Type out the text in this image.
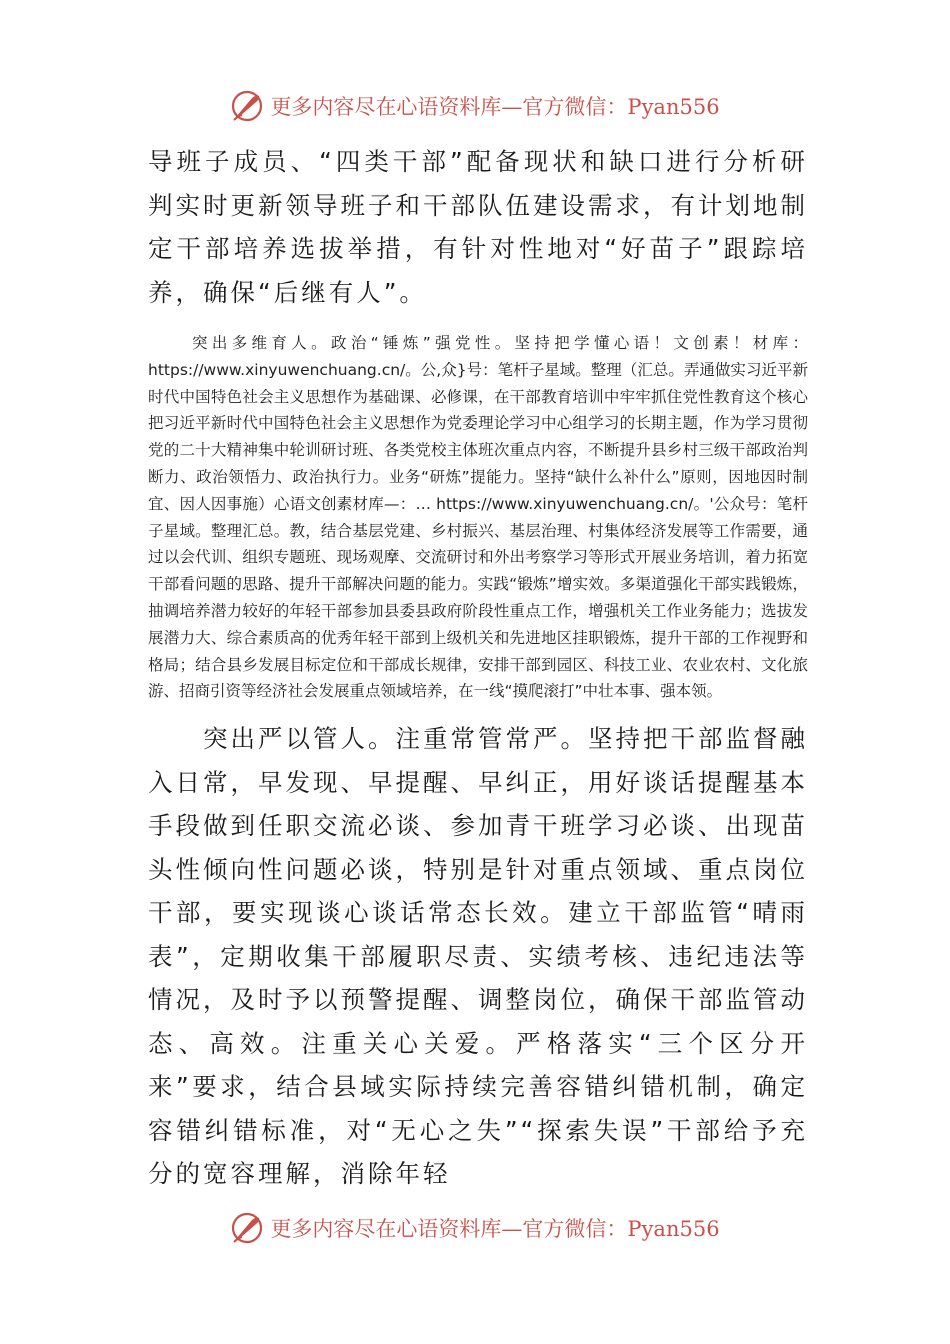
更多内容尽在心语资料库—官方微信：Pyan556

导班子成员、“四类干部”配备现状和缺口进行分析研判实时更新领导班子和干部队伍建设需求，有计划地制定干部培养选拔举措，有针对性地对“好苗子”跟踪培养，确保“后继有人”。

突出多维育人。政治“锤炼”强党性。坚持把学懂心语！文创素！材库：https://www.xinyuwenchuang.cn/。公,众}号：笔杆子星域。整理（汇总。弄通做实习近平新时代中国特色社会主义思想作为基础课、必修课，在干部教育培训中牢牢抓住党性教育这个核心把习近平新时代中国特色社会主义思想作为党委理论学习中心组学习的长期主题，作为学习贯彻党的二十大精神集中轮训研讨班、各类党校主体班次重点内容，不断提升县乡村三级干部政治判断力、政治领悟力、政治执行力。业务“研炼”提能力。坚持“缺什么补什么”原则，因地因时制宜、因人因事施）心语文创素材库—：… https://www.xinyuwenchuang.cn/。'公众号：笔杆子星域。整理汇总。教，结合基层党建、乡村振兴、基层治理、村集体经济发展等工作需要，通过以会代训、组织专题班、现场观摩、交流研讨和外出考察学习等形式开展业务培训，着力拓宽干部看问题的思路、提升干部解决问题的能力。实践“锻炼”增实效。多渠道强化干部实践锻炼，抽调培养潜力较好的年轻干部参加县委县政府阶段性重点工作，增强机关工作业务能力；选拔发展潜力大、综合素质高的优秀年轻干部到上级机关和先进地区挂职锻炼，提升干部的工作视野和格局；结合县乡发展目标定位和干部成长规律，安排干部到园区、科技工业、农业农村、文化旅游、招商引资等经济社会发展重点领域培养，在一线“摸爬滚打”中壮本事、强本领。

突出严以管人。注重常管常严。坚持把干部监督融入日常，早发现、早提醒、早纠正，用好谈话提醒基本手段做到任职交流必谈、参加青干班学习必谈、出现苗头性倾向性问题必谈，特别是针对重点领域、重点岗位干部，要实现谈心谈话常态长效。建立干部监管“晴雨表”，定期收集干部履职尽责、实绩考核、违纪违法等情况，及时予以预警提醒、调整岗位，确保干部监管动态、高效。注重关心关爱。严格落实“三个区分开来”要求，结合县域实际持续完善容错纠错机制，确定容错纠错标准，对“无心之失”“探索失误”干部给予充分的宽容理解，消除年轻

更多内容尽在心语资料库—官方微信：Pyan556
